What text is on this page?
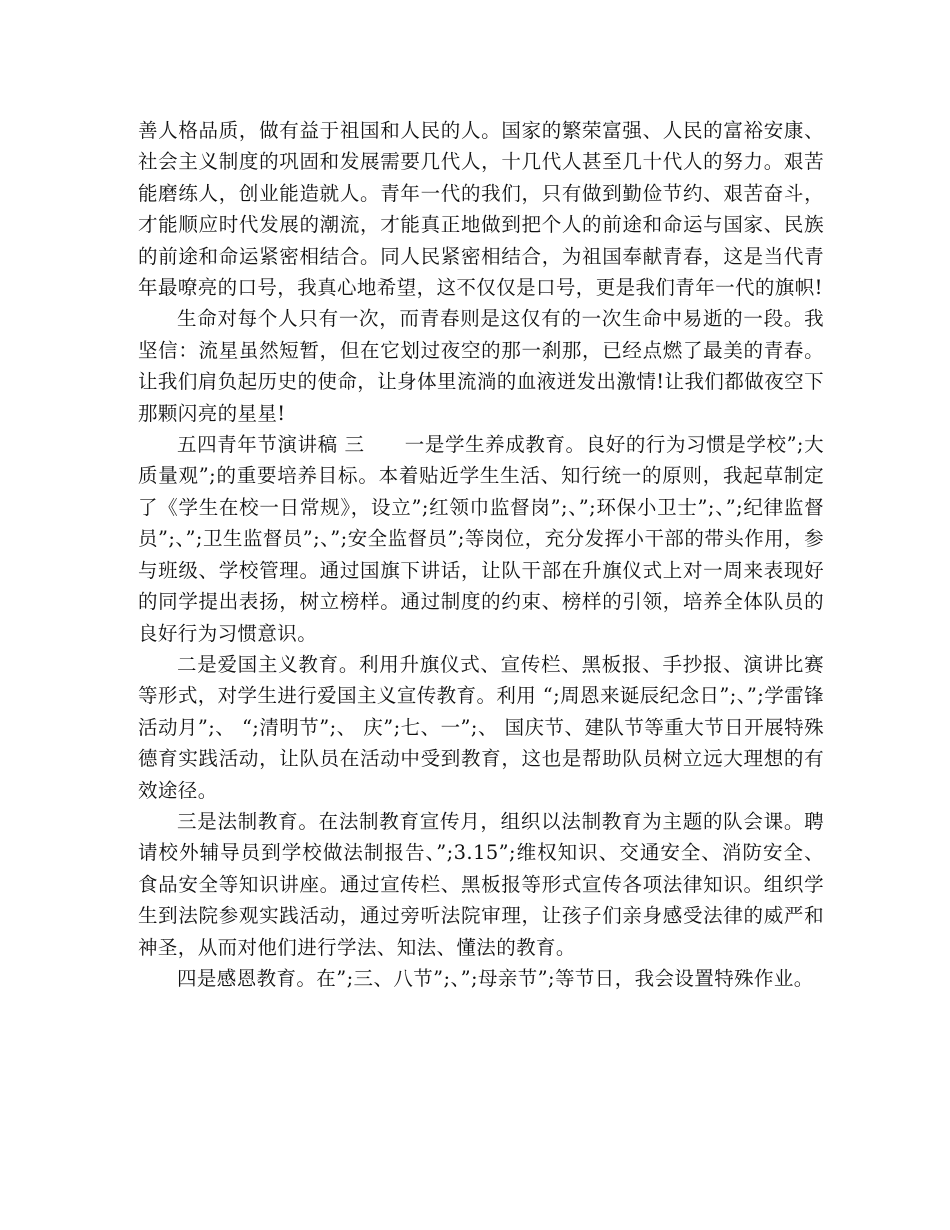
善人格品质，做有益于祖国和人民的人。国家的繁荣富强、人民的富裕安康、社会主义制度的巩固和发展需要几代人，十几代人甚至几十代人的努力。艰苦能磨练人，创业能造就人。青年一代的我们，只有做到勤俭节约、艰苦奋斗，才能顺应时代发展的潮流，才能真正地做到把个人的前途和命运与国家、民族的前途和命运紧密相结合。同人民紧密相结合，为祖国奉献青春，这是当代青年最嘹亮的口号，我真心地希望，这不仅仅是口号，更是我们青年一代的旗帜!

生命对每个人只有一次，而青春则是这仅有的一次生命中易逝的一段。我坚信：流星虽然短暂，但在它划过夜空的那一刹那，已经点燃了最美的青春。让我们肩负起历史的使命，让身体里流淌的血液迸发出激情!让我们都做夜空下那颗闪亮的星星!

五四青年节演讲稿 三　　一是学生养成教育。良好的行为习惯是学校”;大质量观”;的重要培养目标。本着贴近学生生活、知行统一的原则，我起草制定了《学生在校一日常规》，设立”;红领巾监督岗”;、”;环保小卫士”;、”;纪律监督员”;、”;卫生监督员”;、”;安全监督员”;等岗位，充分发挥小干部的带头作用，参与班级、学校管理。通过国旗下讲话，让队干部在升旗仪式上对一周来表现好的同学提出表扬，树立榜样。通过制度的约束、榜样的引领，培养全体队员的良好行为习惯意识。

二是爱国主义教育。利用升旗仪式、宣传栏、黑板报、手抄报、演讲比赛等形式，对学生进行爱国主义宣传教育。利用 “;周恩来诞辰纪念日”;、”;学雷锋活动月”;、 “;清明节”;、 庆”;七、一”;、 国庆节、建队节等重大节日开展特殊德育实践活动，让队员在活动中受到教育，这也是帮助队员树立远大理想的有效途径。

三是法制教育。在法制教育宣传月，组织以法制教育为主题的队会课。聘请校外辅导员到学校做法制报告、”;3.15”;维权知识、交通安全、消防安全、食品安全等知识讲座。通过宣传栏、黑板报等形式宣传各项法律知识。组织学生到法院参观实践活动，通过旁听法院审理，让孩子们亲身感受法律的威严和神圣，从而对他们进行学法、知法、懂法的教育。

四是感恩教育。在”;三、八节”;、”;母亲节”;等节日，我会设置特殊作业。
